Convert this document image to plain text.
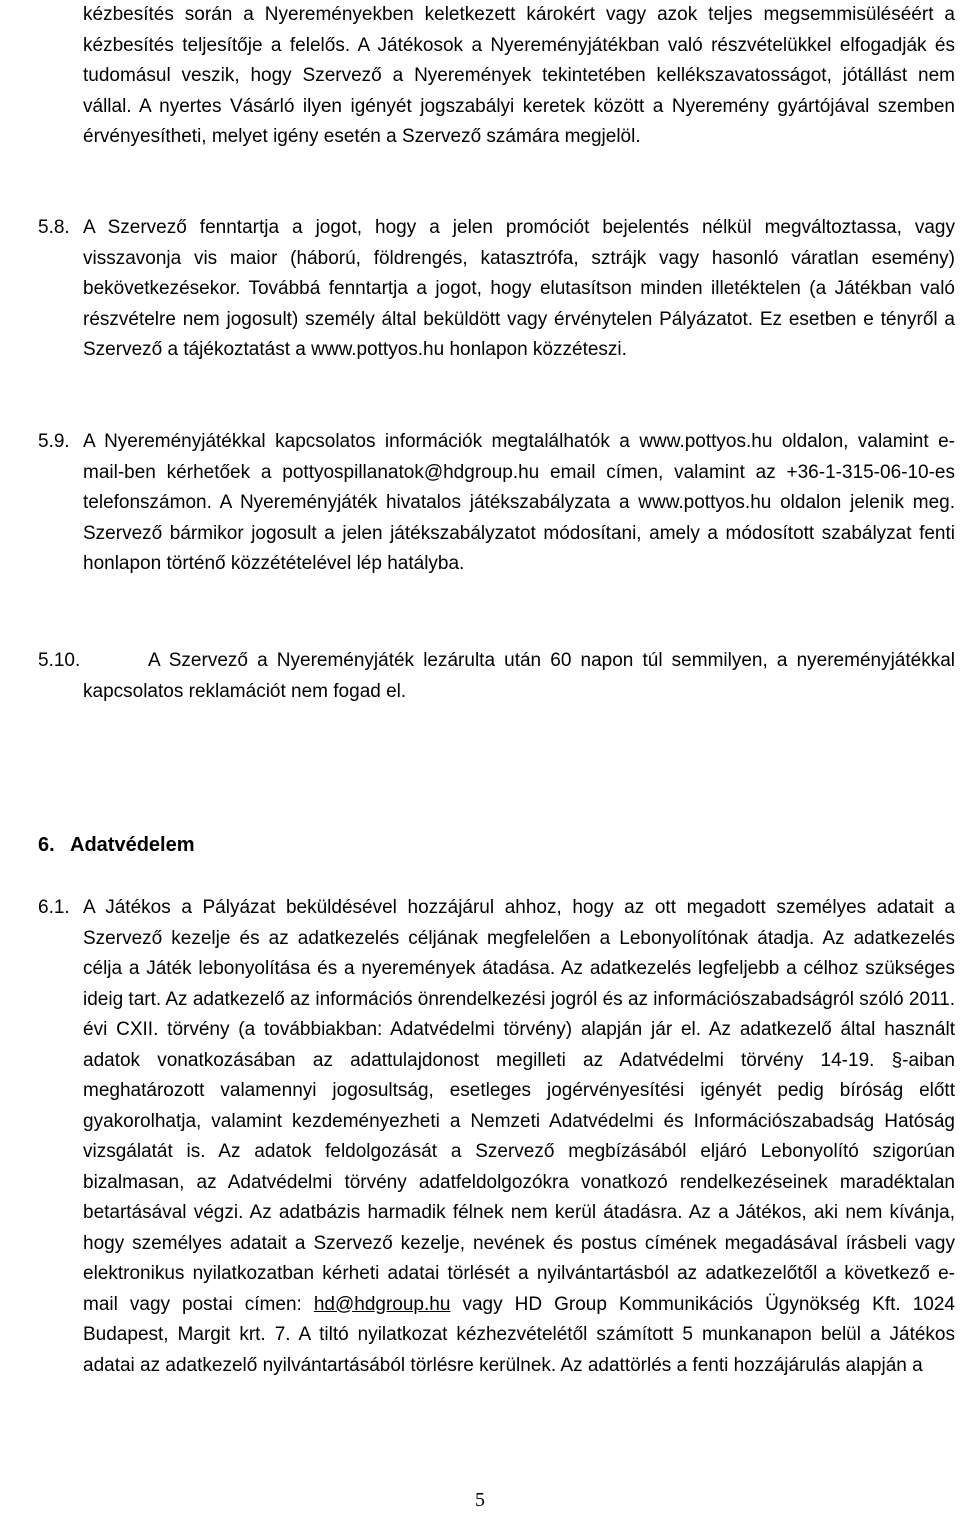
kézbesítés során a Nyereményekben keletkezett károkért vagy azok teljes megsemmisüléséért a kézbesítés teljesítője a felelős. A Játékosok a Nyereményjátékban való részvételükkel elfogadják és tudomásul veszik, hogy Szervező a Nyeremények tekintetében kellékszavatosságot, jótállást nem vállal. A nyertes Vásárló ilyen igényét jogszabályi keretek között a Nyeremény gyártójával szemben érvényesítheti, melyet igény esetén a Szervező számára megjelöl.
5.8. A Szervező fenntartja a jogot, hogy a jelen promóciót bejelentés nélkül megváltoztassa, vagy visszavonja vis maior (háború, földrengés, katasztrófa, sztrájk vagy hasonló váratlan esemény) bekövetkezésekor. Továbbá fenntartja a jogot, hogy elutasítson minden illetéktelen (a Játékban való részvételre nem jogosult) személy által beküldött vagy érvénytelen Pályázatot. Ez esetben e tényről a Szervező a tájékoztatást a www.pottyos.hu honlapon közzéteszi.
5.9. A Nyereményjátékkal kapcsolatos információk megtalálhatók a www.pottyos.hu oldalon, valamint e-mail-ben kérhetőek a pottyospillanatok@hdgroup.hu email címen, valamint az +36-1-315-06-10-es telefonszámon. A Nyereményjáték hivatalos játékszabályzata a www.pottyos.hu oldalon jelenik meg. Szervező bármikor jogosult a jelen játékszabályzatot módosítani, amely a módosított szabályzat fenti honlapon történő közzétételével lép hatályba.
5.10.	A Szervező a Nyereményjáték lezárulta után 60 napon túl semmilyen, a nyereményjátékkal kapcsolatos reklamációt nem fogad el.
6. Adatvédelem
6.1. A Játékos a Pályázat beküldésével hozzájárul ahhoz, hogy az ott megadott személyes adatait a Szervező kezelje és az adatkezelés céljának megfelelően a Lebonyolítónak átadja. Az adatkezelés célja a Játék lebonyolítása és a nyeremények átadása. Az adatkezelés legfeljebb a célhoz szükséges ideig tart. Az adatkezelő az információs önrendelkezési jogról és az információszabadságról szóló 2011. évi CXII. törvény (a továbbiakban: Adatvédelmi törvény) alapján jár el. Az adatkezelő által használt adatok vonatkozásában az adattulajdonost megilleti az Adatvédelmi törvény 14-19. §-aiban meghatározott valamennyi jogosultság, esetleges jogérvényesítési igényét pedig bíróság előtt gyakorolhatja, valamint kezdeményezheti a Nemzeti Adatvédelmi és Információszabadság Hatóság vizsgálatát is. Az adatok feldolgozását a Szervező megbízásából eljáró Lebonyolító szigorúan bizalmasan, az Adatvédelmi törvény adatfeldolgozókra vonatkozó rendelkezéseinek maradéktalan betartásával végzi. Az adatbázis harmadik félnek nem kerül átadásra. Az a Játékos, aki nem kívánja, hogy személyes adatait a Szervező kezelje, nevének és postus címének megadásával írásbeli vagy elektronikus nyilatkozatban kérheti adatai törlését a nyilvántartásból az adatkezelőtől a következő e-mail vagy postai címen: hd@hdgroup.hu vagy HD Group Kommunikációs Ügynökség Kft. 1024 Budapest, Margit krt. 7. A tiltó nyilatkozat kézhezvételétől számított 5 munkanapon belül a Játékos adatai az adatkezelő nyilvántartásából törlésre kerülnek. Az adattörlés a fenti hozzájárulás alapján a
5
